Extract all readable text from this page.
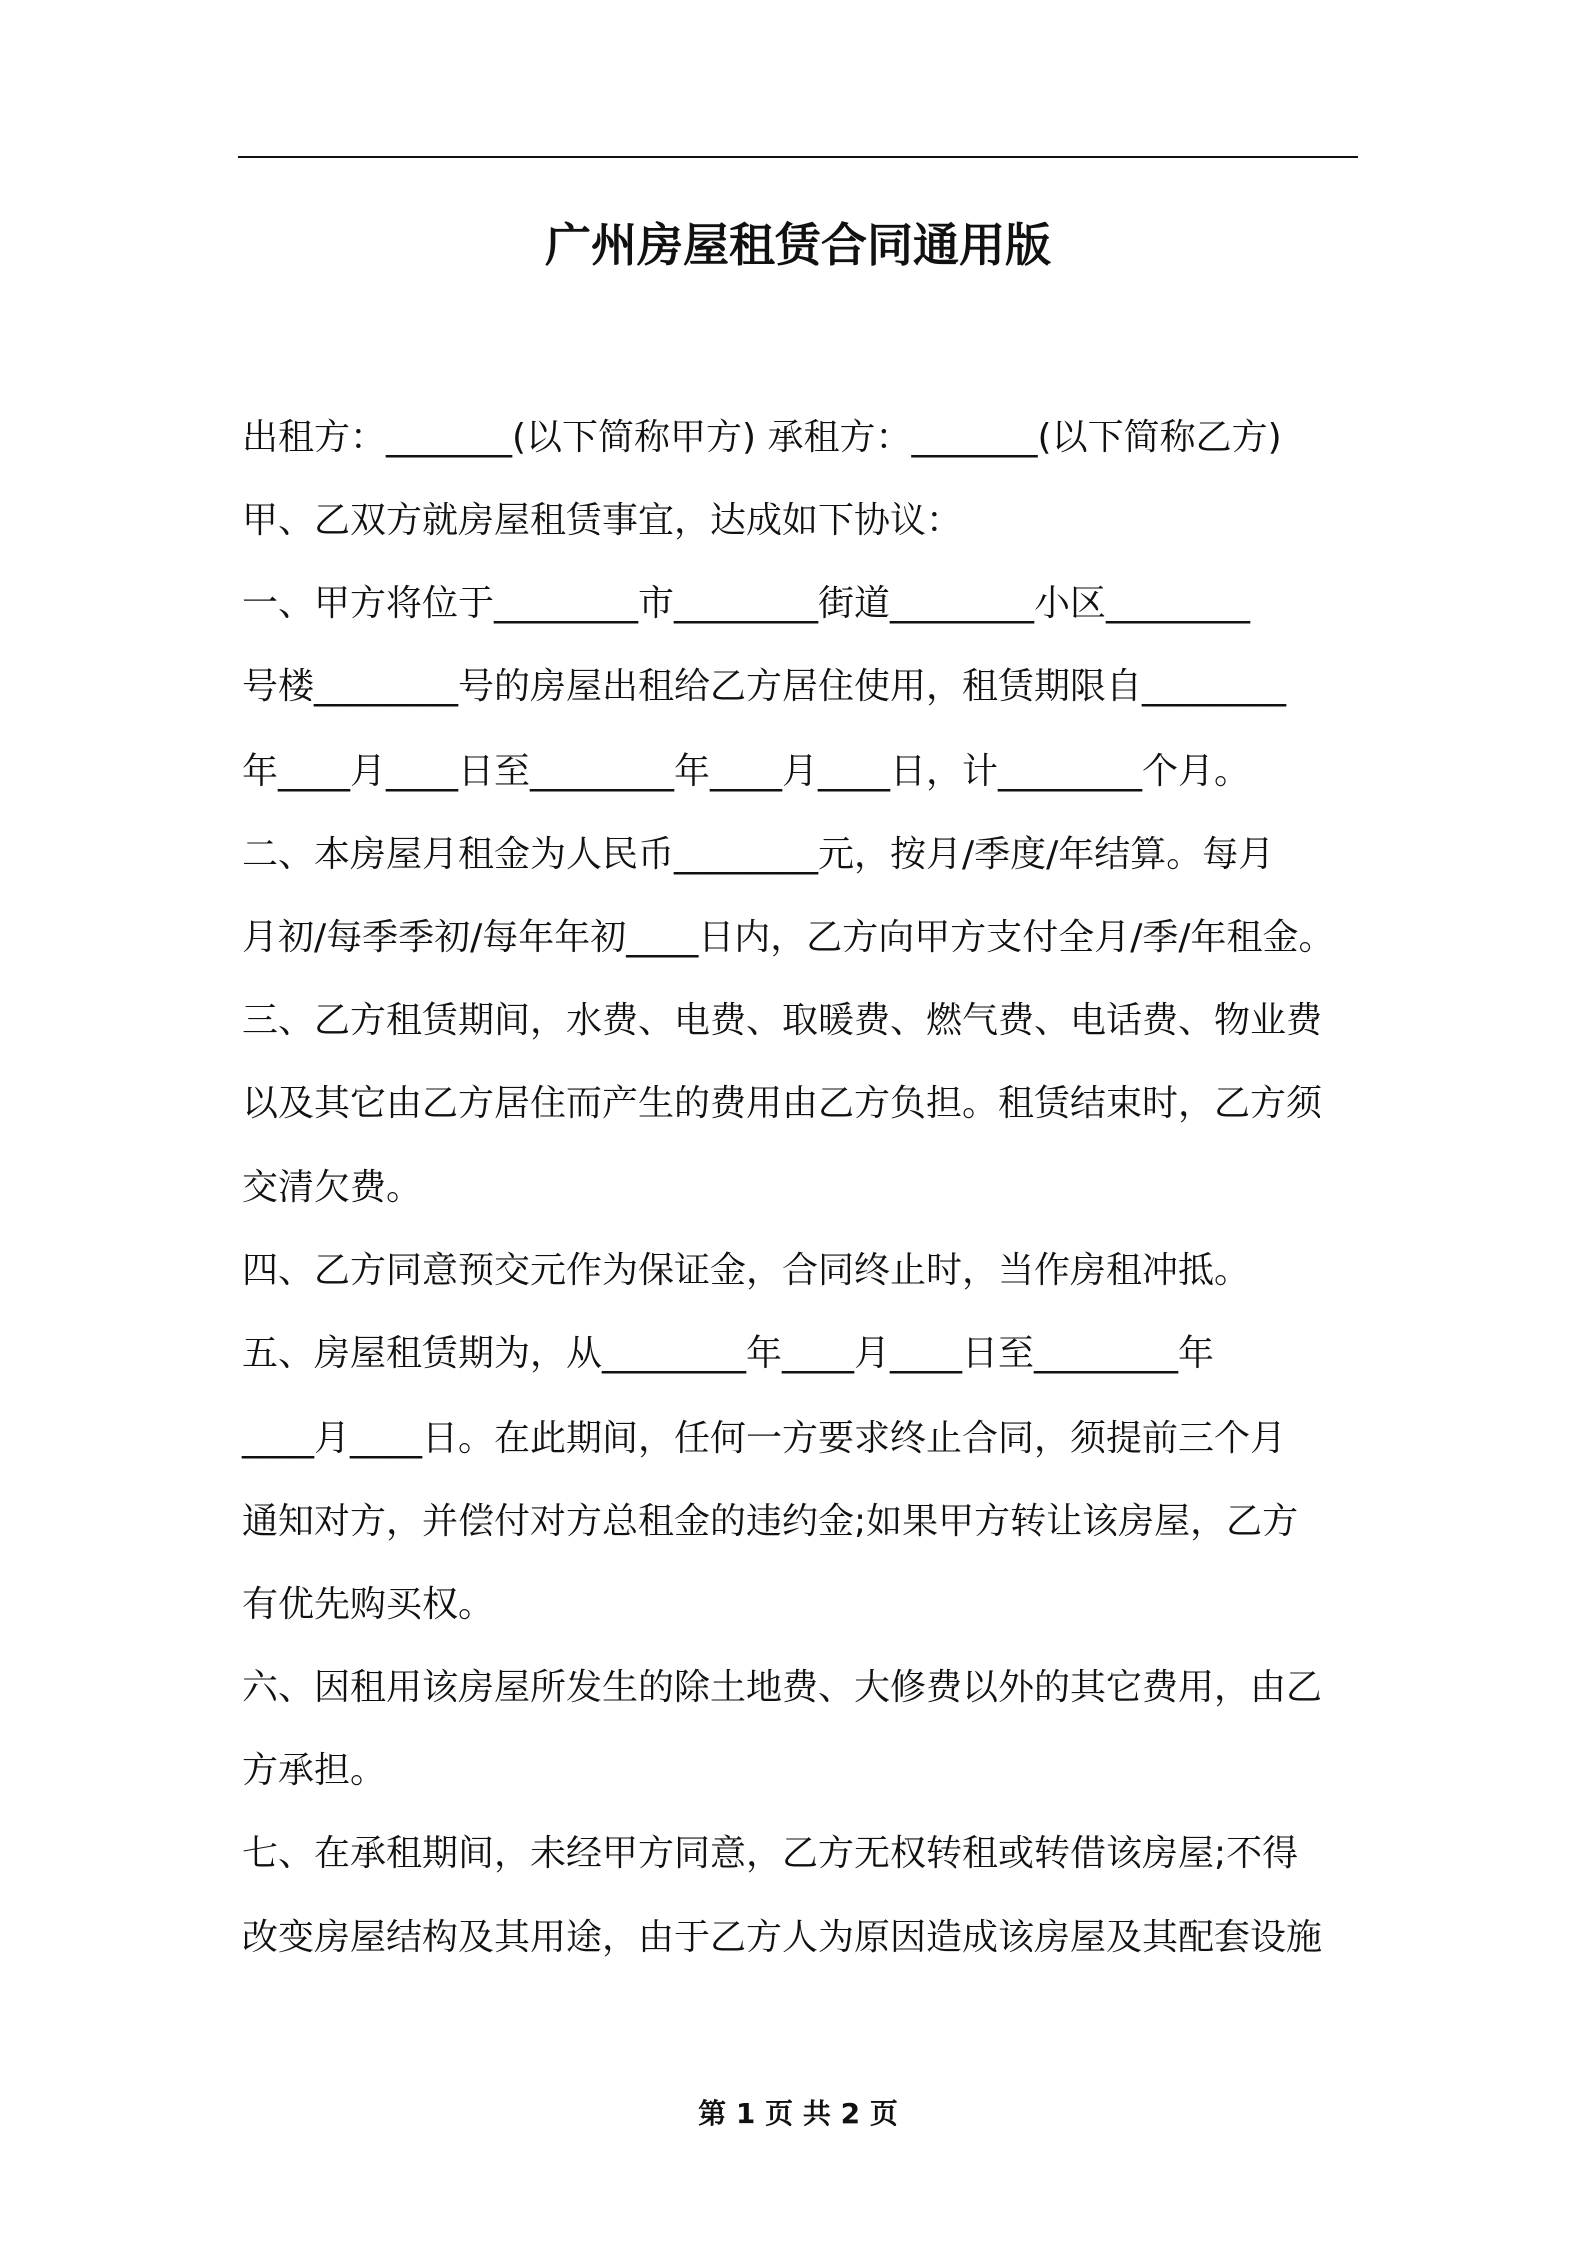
广州房屋租赁合同通用版
出租方：_______(以下简称甲方) 承租方：_______(以下简称乙方)
甲、乙双方就房屋租赁事宜，达成如下协议：
一、甲方将位于________市________街道________小区________
号楼________号的房屋出租给乙方居住使用，租赁期限自________
年____月____日至________年____月____日，计________个月。
二、本房屋月租金为人民币________元，按月/季度/年结算。每月
月初/每季季初/每年年初____日内，乙方向甲方支付全月/季/年租金。
三、乙方租赁期间，水费、电费、取暖费、燃气费、电话费、物业费
以及其它由乙方居住而产生的费用由乙方负担。租赁结束时，乙方须
交清欠费。
四、乙方同意预交元作为保证金，合同终止时，当作房租冲抵。
五、房屋租赁期为，从________年____月____日至________年
____月____日。在此期间，任何一方要求终止合同，须提前三个月
通知对方，并偿付对方总租金的违约金;如果甲方转让该房屋，乙方
有优先购买权。
六、因租用该房屋所发生的除土地费、大修费以外的其它费用，由乙
方承担。
七、在承租期间，未经甲方同意，乙方无权转租或转借该房屋;不得
改变房屋结构及其用途，由于乙方人为原因造成该房屋及其配套设施
第 1 页 共 2 页
